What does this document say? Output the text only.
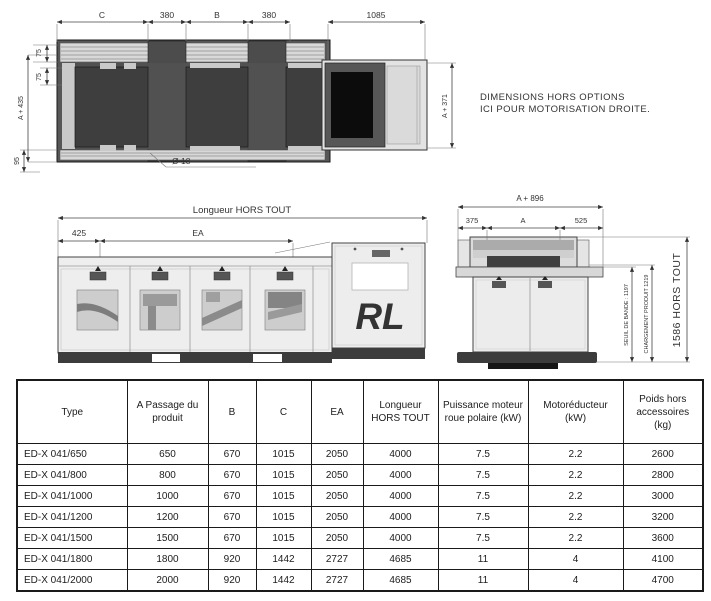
C	380	B	380	1085
75
75
A + 435
95
A + 371
Ø 18
DIMENSIONS HORS OPTIONS
ICI POUR MOTORISATION DROITE.
Longueur HORS TOUT
425	EA
RL
A + 896
375	A	525
1586 HORS TOUT
SEUIL DE BANDE : 1197	CHARGEMENT PRODUIT 1219
Type	A Passage du produit	B	C	EA	Longueur HORS TOUT	Puissance moteur roue polaire (kW)	Motoréducteur (kW)	Poids hors accessoires (kg)
ED-X 041/650	650	670	1015	2050	4000	7.5	2.2	2600
ED-X 041/800	800	670	1015	2050	4000	7.5	2.2	2800
ED-X 041/1000	1000	670	1015	2050	4000	7.5	2.2	3000
ED-X 041/1200	1200	670	1015	2050	4000	7.5	2.2	3200
ED-X 041/1500	1500	670	1015	2050	4000	7.5	2.2	3600
ED-X 041/1800	1800	920	1442	2727	4685	11	4	4100
ED-X 041/2000	2000	920	1442	2727	4685	11	4	4700
